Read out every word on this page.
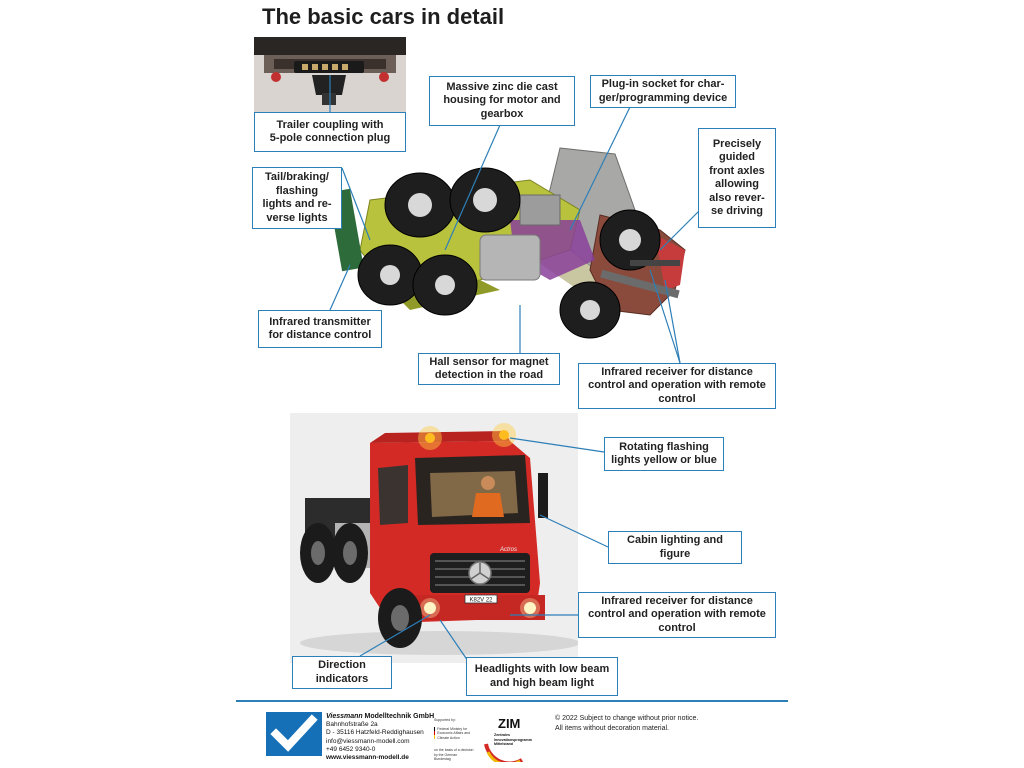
The basic cars in detail
K82V 22
Actros
Trailer coupling with
5-pole connection plug
Massive zinc die cast
housing for motor and
gearbox
Plug-in socket for char-
ger/programming device
Precisely
guided
front axles
allowing
also rever-
se driving
Tail/braking/
flashing
lights and re-
verse lights
Infrared transmitter
for distance control
Hall sensor for magnet
detection in the road	Infrared receiver for distance
control and operation with remote
control
Rotating flashing
lights yellow or blue
Cabin lighting and
figure
Infrared receiver for distance
control and operation with remote
control
Direction
indicators
Headlights with low beam
and high beam light
Viessmann Modelltechnik GmbH
Bahnhofstraße 2a
D - 35116 Hatzfeld-Reddighausen
info@viessmann-modell.com
+49 6452 9340-0
www.viessmann-modell.de
Supported by:
Federal Ministry for Economic Affairs and Climate Action
on the basis of a decision by the German Bundestag
ZIM
Zentrales Innovationsprogramm Mittelstand
© 2022 Subject to change without prior notice.
All items without decoration material.
